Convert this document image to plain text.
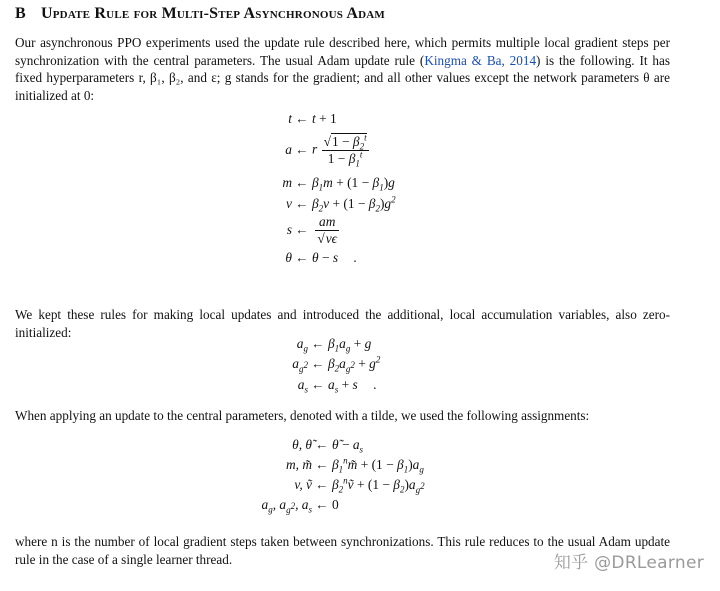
B Update Rule for Multi-Step Asynchronous Adam
Our asynchronous PPO experiments used the update rule described here, which permits multiple local gradient steps per synchronization with the central parameters. The usual Adam update rule (Kingma & Ba, 2014) is the following. It has fixed hyperparameters r, β₁, β₂, and ε; g stands for the gradient; and all other values except the network parameters θ are initialized at 0:
t ← t + 1
a ← r $\frac{√1 - \beta_2^t}{1 - \beta_1^t}$
m ← $\beta_1m + (1 - \beta_1)g$
v ← $\beta_2v + (1 - \beta_2)g^2$
s ← $\frac{am}{√v\epsilon}$
θ ← θ − s .
We kept these rules for making local updates and introduced the additional, local accumulation variables, also zero-initialized:
$a_g$ ← $\beta_1a_g + g$
$a_{g^2}$ ← $\beta_2a_{g^2} + g^2$
$a_s$ ← $a_s + s$ .
When applying an update to the central parameters, denoted with a tilde, we used the following assignments:
θ, θ̃ ← θ̃ − $a_s$
m, m̃ ← $\beta_1^nm̃ + (1 - \beta_1)a_g$
v, ṽ ← $\beta_2^nṽ + (1 - \beta_2)a_{g^2}$
$a_g$, $a_{g^2}$, $a_s$ ← 0
where n is the number of local gradient steps taken between synchronizations. This rule reduces to the usual Adam update rule in the case of a single learner thread.	知乎 @DRLearner
